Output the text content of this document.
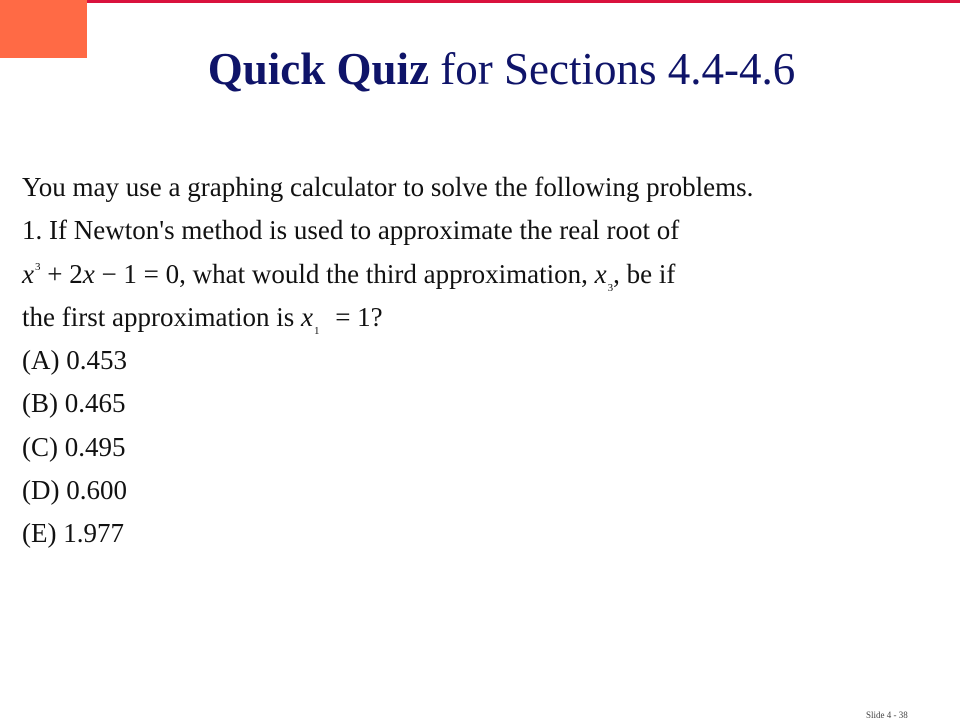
Quick Quiz for Sections 4.4-4.6
You may use a graphing calculator to solve the following problems.
1. If Newton's method is used to approximate the real root of
$x^3 + 2x - 1 = 0$, what would the third approximation, $x_3$, be if
the first approximation is $x_1 = 1$?
(A) 0.453
(B) 0.465
(C) 0.495
(D) 0.600
(E) 1.977
Slide 4 - 38
